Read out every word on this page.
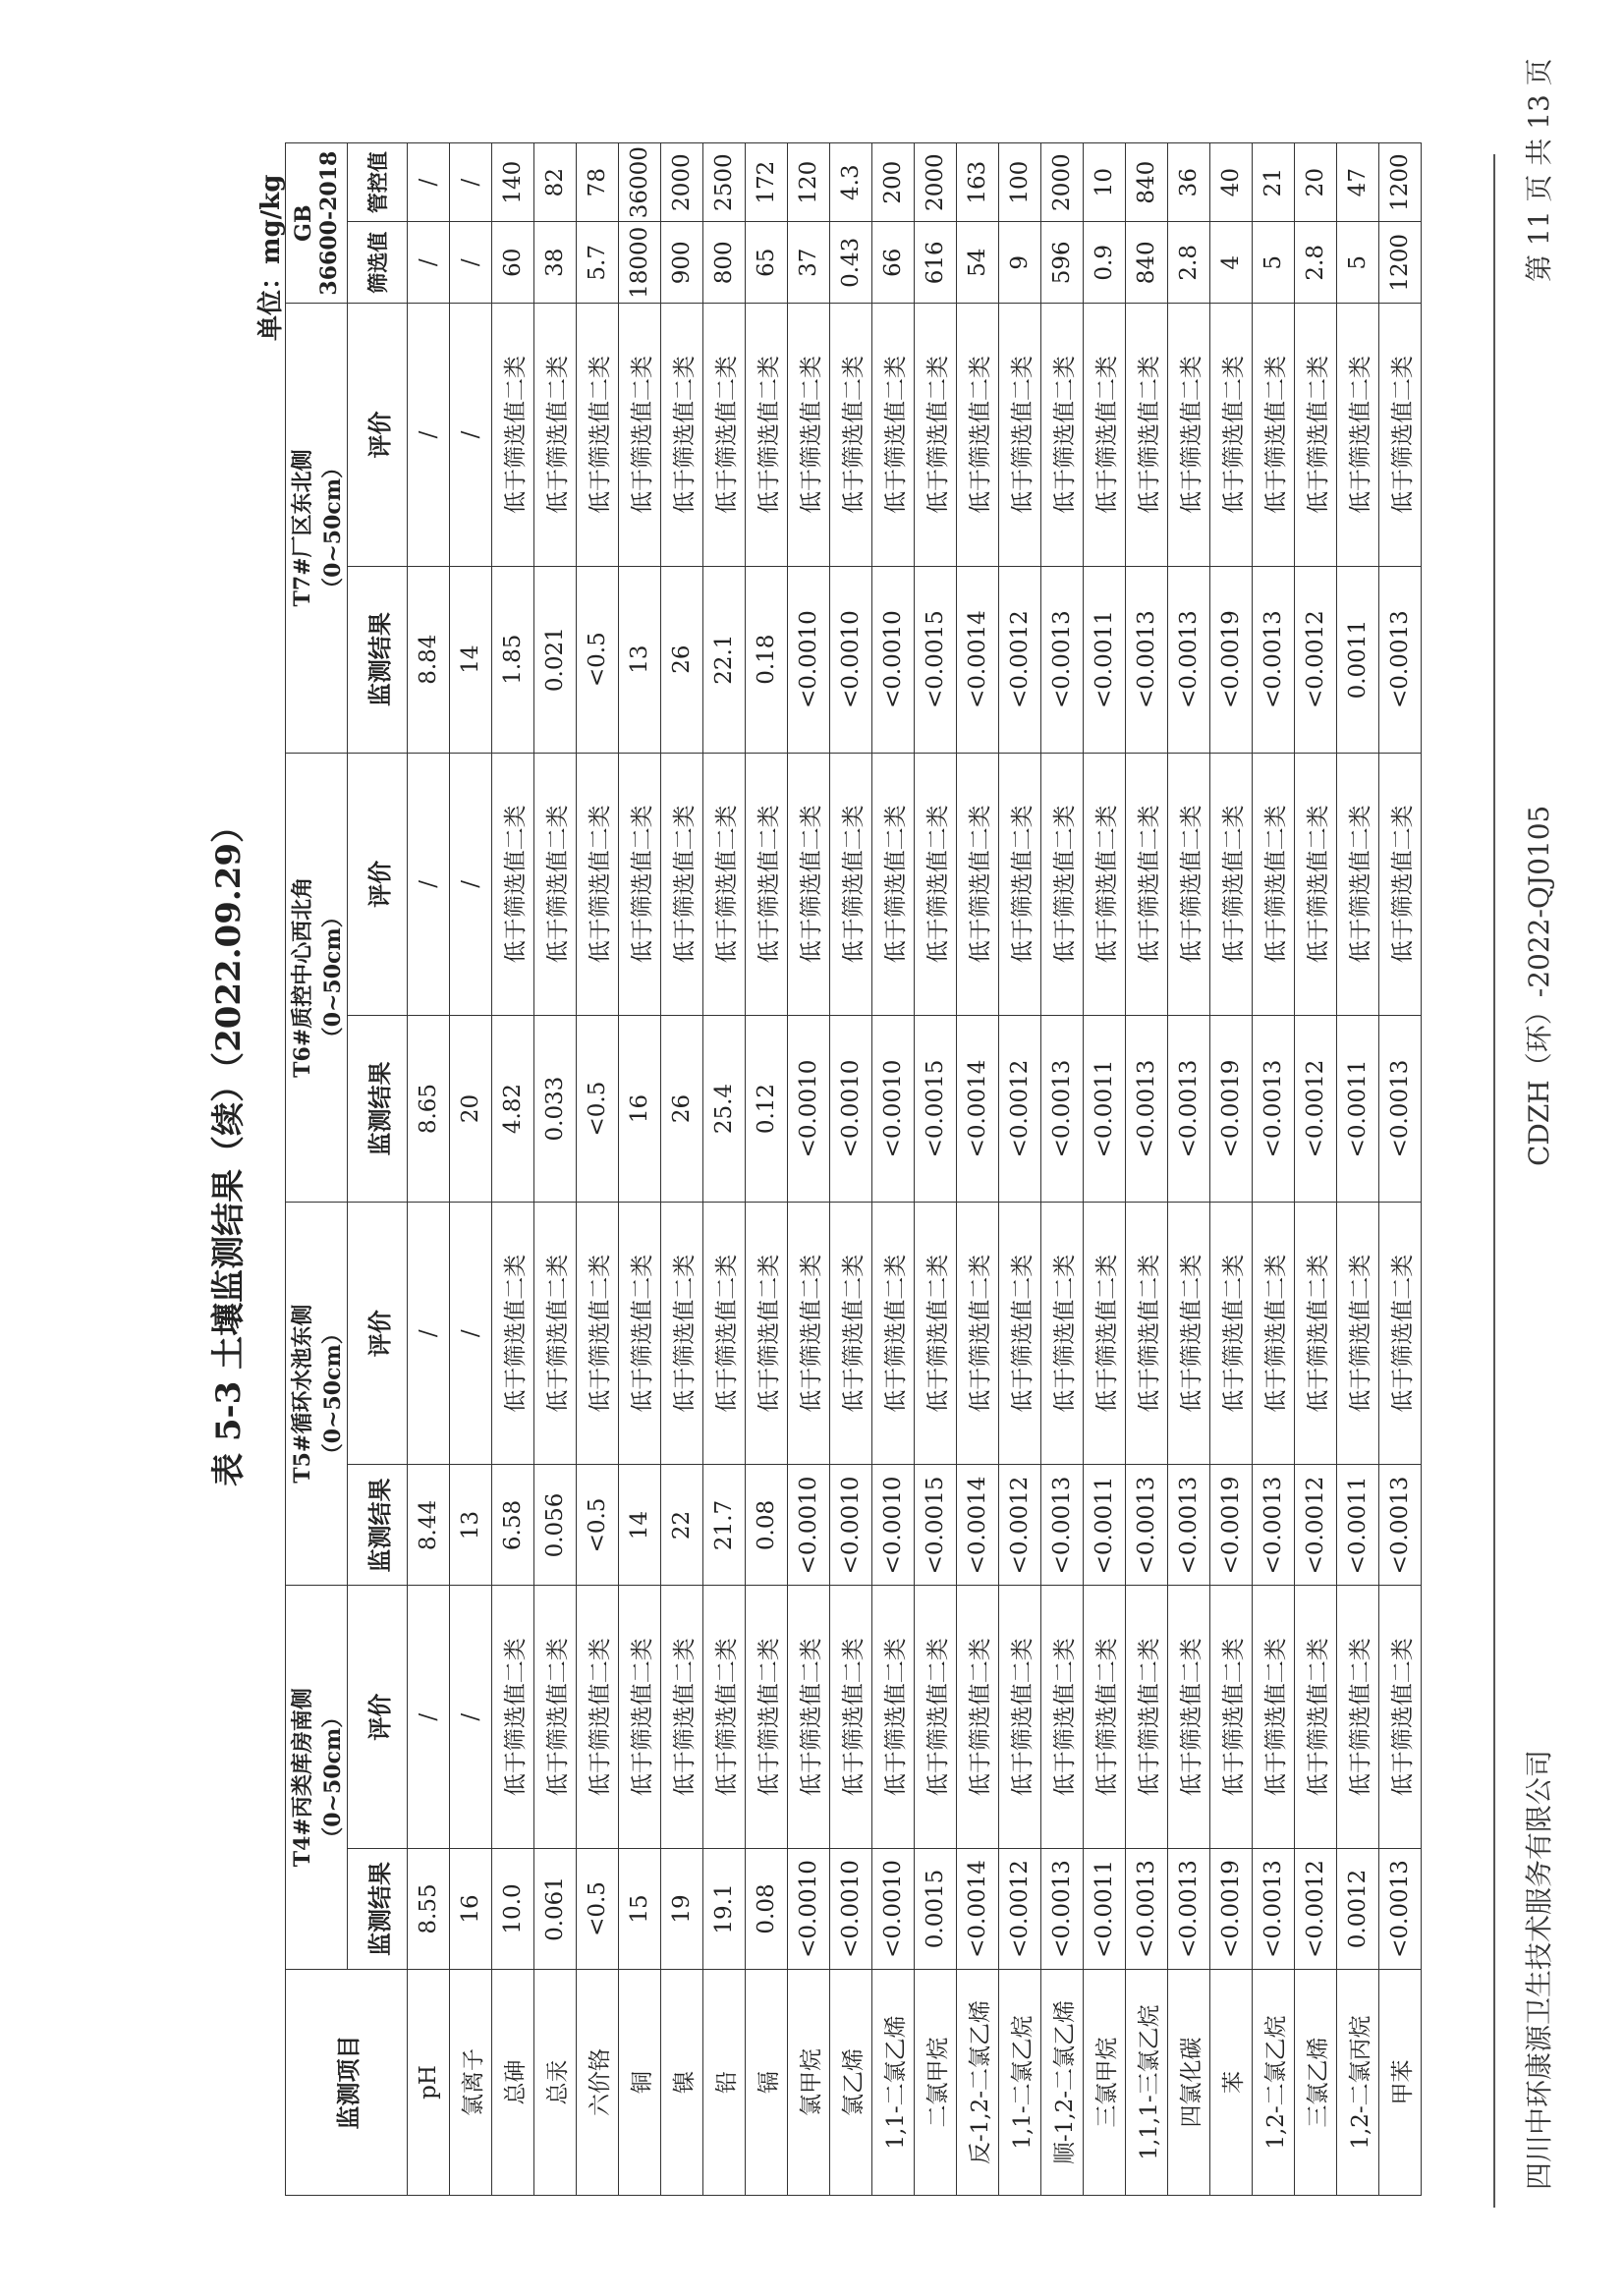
四川中环康源卫生技术服务有限公司
CDZH（环）-2022-QJ0105
第 11 页 共 13 页
表 5-3 土壤监测结果（续）（2022.09.29）
单位：mg/kg
监测项目	T4#丙类库房南侧 （0~50cm）		T5#循环水池东侧 （0~50cm）		T6#质控中心西北角 （0~50cm）		T7#厂区东北侧 （0~50cm）		GB 36600-2018	

	监测结果	评价	监测结果	评价	监测结果	评价	监测结果	评价	筛选值	管控值
pH	8.55	/	8.44	/	8.65	/	8.84	/	/	/
氯离子	16	/	13	/	20	/	14	/	/	/
总砷	10.0	低于筛选值二类	6.58	低于筛选值二类	4.82	低于筛选值二类	1.85	低于筛选值二类	60	140
总汞	0.061	低于筛选值二类	0.056	低于筛选值二类	0.033	低于筛选值二类	0.021	低于筛选值二类	38	82
六价铬	<0.5	低于筛选值二类	<0.5	低于筛选值二类	<0.5	低于筛选值二类	<0.5	低于筛选值二类	5.7	78
铜	15	低于筛选值二类	14	低于筛选值二类	16	低于筛选值二类	13	低于筛选值二类	18000	36000
镍	19	低于筛选值二类	22	低于筛选值二类	26	低于筛选值二类	26	低于筛选值二类	900	2000
铅	19.1	低于筛选值二类	21.7	低于筛选值二类	25.4	低于筛选值二类	22.1	低于筛选值二类	800	2500
镉	0.08	低于筛选值二类	0.08	低于筛选值二类	0.12	低于筛选值二类	0.18	低于筛选值二类	65	172
氯甲烷	<0.0010	低于筛选值二类	<0.0010	低于筛选值二类	<0.0010	低于筛选值二类	<0.0010	低于筛选值二类	37	120
氯乙烯	<0.0010	低于筛选值二类	<0.0010	低于筛选值二类	<0.0010	低于筛选值二类	<0.0010	低于筛选值二类	0.43	4.3
1,1-二氯乙烯	<0.0010	低于筛选值二类	<0.0010	低于筛选值二类	<0.0010	低于筛选值二类	<0.0010	低于筛选值二类	66	200
二氯甲烷	0.0015	低于筛选值二类	<0.0015	低于筛选值二类	<0.0015	低于筛选值二类	<0.0015	低于筛选值二类	616	2000
反-1,2-二氯乙烯	<0.0014	低于筛选值二类	<0.0014	低于筛选值二类	<0.0014	低于筛选值二类	<0.0014	低于筛选值二类	54	163
1,1-二氯乙烷	<0.0012	低于筛选值二类	<0.0012	低于筛选值二类	<0.0012	低于筛选值二类	<0.0012	低于筛选值二类	9	100
顺-1,2-二氯乙烯	<0.0013	低于筛选值二类	<0.0013	低于筛选值二类	<0.0013	低于筛选值二类	<0.0013	低于筛选值二类	596	2000
三氯甲烷	<0.0011	低于筛选值二类	<0.0011	低于筛选值二类	<0.0011	低于筛选值二类	<0.0011	低于筛选值二类	0.9	10
1,1,1-三氯乙烷	<0.0013	低于筛选值二类	<0.0013	低于筛选值二类	<0.0013	低于筛选值二类	<0.0013	低于筛选值二类	840	840
四氯化碳	<0.0013	低于筛选值二类	<0.0013	低于筛选值二类	<0.0013	低于筛选值二类	<0.0013	低于筛选值二类	2.8	36
苯	<0.0019	低于筛选值二类	<0.0019	低于筛选值二类	<0.0019	低于筛选值二类	<0.0019	低于筛选值二类	4	40
1,2-二氯乙烷	<0.0013	低于筛选值二类	<0.0013	低于筛选值二类	<0.0013	低于筛选值二类	<0.0013	低于筛选值二类	5	21
三氯乙烯	<0.0012	低于筛选值二类	<0.0012	低于筛选值二类	<0.0012	低于筛选值二类	<0.0012	低于筛选值二类	2.8	20
1,2-二氯丙烷	0.0012	低于筛选值二类	<0.0011	低于筛选值二类	<0.0011	低于筛选值二类	0.0011	低于筛选值二类	5	47
甲苯	<0.0013	低于筛选值二类	<0.0013	低于筛选值二类	<0.0013	低于筛选值二类	<0.0013	低于筛选值二类	1200	1200
